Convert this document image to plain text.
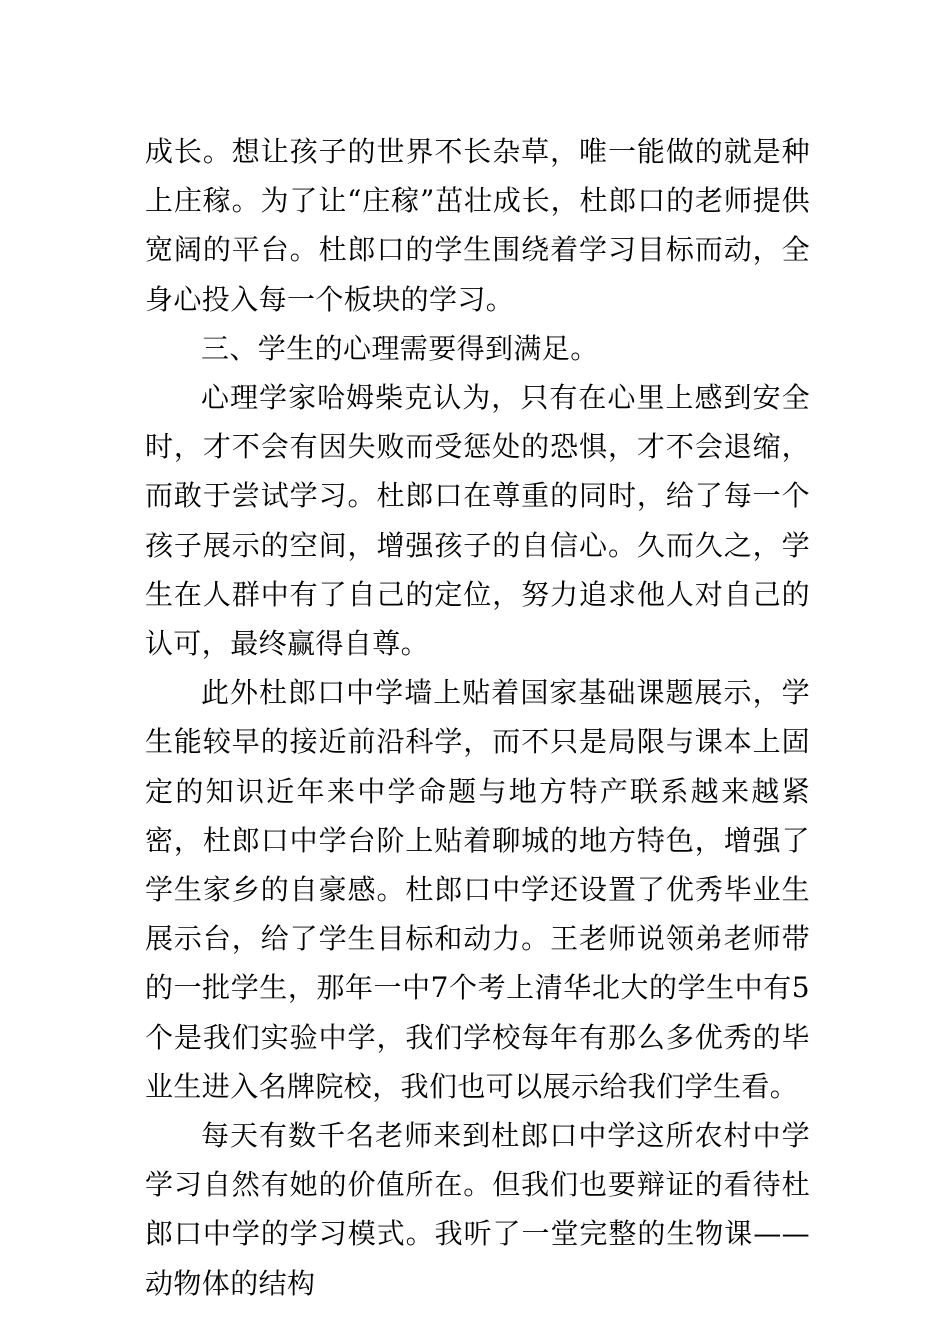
成长。想让孩子的世界不长杂草，唯一能做的就是种上庄稼。为了让“庄稼”茁壮成长，杜郎口的老师提供宽阔的平台。杜郎口的学生围绕着学习目标而动，全身心投入每一个板块的学习。

三、学生的心理需要得到满足。

心理学家哈姆柴克认为，只有在心里上感到安全时，才不会有因失败而受惩处的恐惧，才不会退缩，而敢于尝试学习。杜郎口在尊重的同时，给了每一个孩子展示的空间，增强孩子的自信心。久而久之，学生在人群中有了自己的定位，努力追求他人对自己的认可，最终赢得自尊。

此外杜郎口中学墙上贴着国家基础课题展示，学生能较早的接近前沿科学，而不只是局限与课本上固定的知识近年来中学命题与地方特产联系越来越紧密，杜郎口中学台阶上贴着聊城的地方特色，增强了学生家乡的自豪感。杜郎口中学还设置了优秀毕业生展示台，给了学生目标和动力。王老师说领弟老师带的一批学生，那年一中7个考上清华北大的学生中有5个是我们实验中学，我们学校每年有那么多优秀的毕业生进入名牌院校，我们也可以展示给我们学生看。

每天有数千名老师来到杜郎口中学这所农村中学学习自然有她的价值所在。但我们也要辩证的看待杜郎口中学的学习模式。我听了一堂完整的生物课——动物体的结构
